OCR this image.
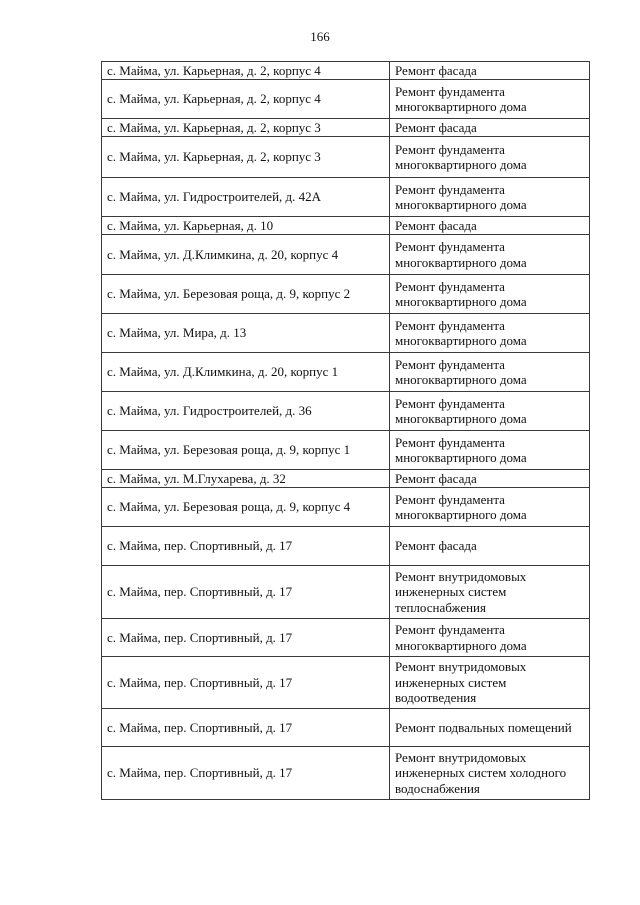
166
с. Майма, ул. Карьерная, д. 2, корпус 4	Ремонт фасада
с. Майма, ул. Карьерная, д. 2, корпус 4	Ремонт фундамента многоквартирного дома
с. Майма, ул. Карьерная, д. 2, корпус 3	Ремонт фасада
с. Майма, ул. Карьерная, д. 2, корпус 3	Ремонт фундамента многоквартирного дома
с. Майма, ул. Гидростроителей, д. 42А	Ремонт фундамента многоквартирного дома
с. Майма, ул. Карьерная, д. 10	Ремонт фасада
с. Майма, ул. Д.Климкина, д. 20, корпус 4	Ремонт фундамента многоквартирного дома
с. Майма, ул. Березовая роща, д. 9, корпус 2	Ремонт фундамента многоквартирного дома
с. Майма, ул. Мира, д. 13	Ремонт фундамента многоквартирного дома
с. Майма, ул. Д.Климкина, д. 20, корпус 1	Ремонт фундамента многоквартирного дома
с. Майма, ул. Гидростроителей, д. 36	Ремонт фундамента многоквартирного дома
с. Майма, ул. Березовая роща, д. 9, корпус 1	Ремонт фундамента многоквартирного дома
с. Майма, ул. М.Глухарева, д. 32	Ремонт фасада
с. Майма, ул. Березовая роща, д. 9, корпус 4	Ремонт фундамента многоквартирного дома
с. Майма, пер. Спортивный, д. 17	Ремонт фасада
с. Майма, пер. Спортивный, д. 17	Ремонт внутридомовых инженерных систем теплоснабжения
с. Майма, пер. Спортивный, д. 17	Ремонт фундамента многоквартирного дома
с. Майма, пер. Спортивный, д. 17	Ремонт внутридомовых инженерных систем водоотведения
с. Майма, пер. Спортивный, д. 17	Ремонт подвальных помещений
с. Майма, пер. Спортивный, д. 17	Ремонт внутридомовых инженерных систем холодного водоснабжения
